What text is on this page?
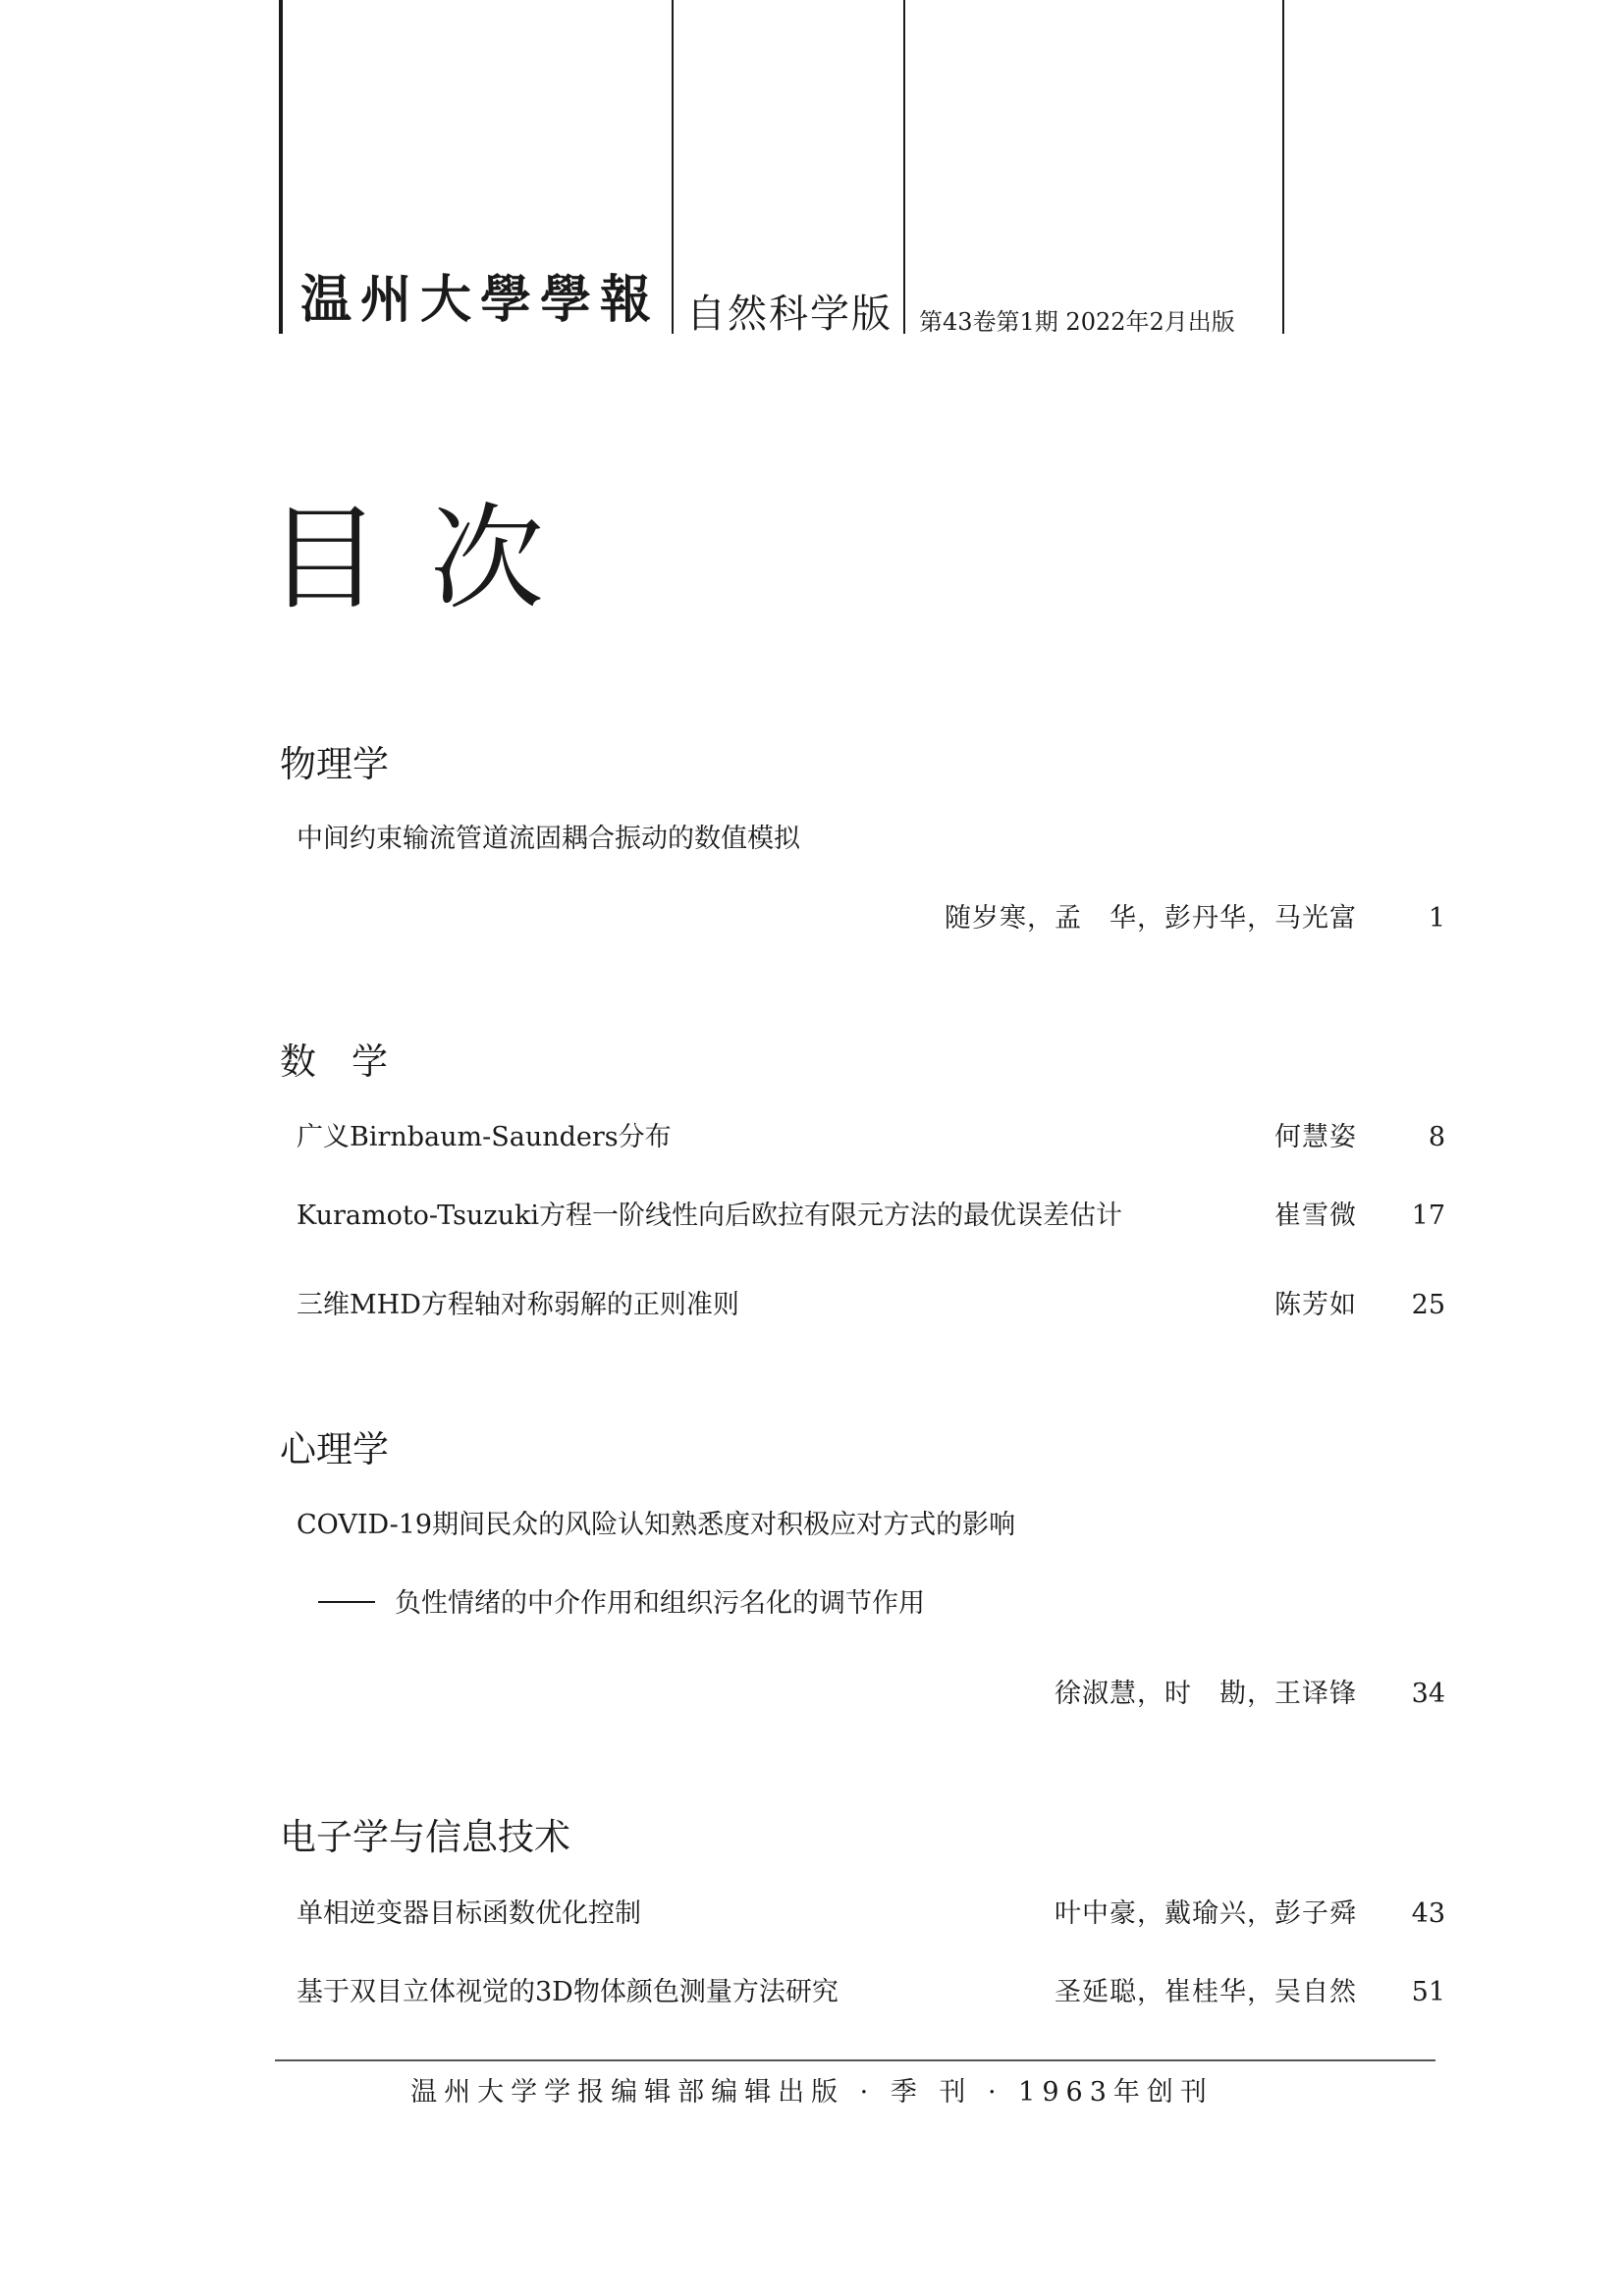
温州大學學報 自然科学版 第43卷第1期 2022年2月出版
目次
物理学
中间约束输流管道流固耦合振动的数值模拟
随岁寒，孟　华，彭丹华，马光富	1
数学
广义Birnbaum-Saunders分布	何慧姿	8
Kuramoto-Tsuzuki方程一阶线性向后欧拉有限元方法的最优误差估计	崔雪微 17
三维MHD方程轴对称弱解的正则准则	陈芳如 25
心理学
COVID-19期间民众的风险认知熟悉度对积极应对方式的影响
负性情绪的中介作用和组织污名化的调节作用
徐淑慧，时　勘，王译锋 34
电子学与信息技术
单相逆变器目标函数优化控制	叶中豪，戴瑜兴，彭子舜 43
基于双目立体视觉的3D物体颜色测量方法研究	圣延聪，崔桂华，吴自然 51
温州大学学报编辑部编辑出版 · 季 刊 · 1963年创刊
